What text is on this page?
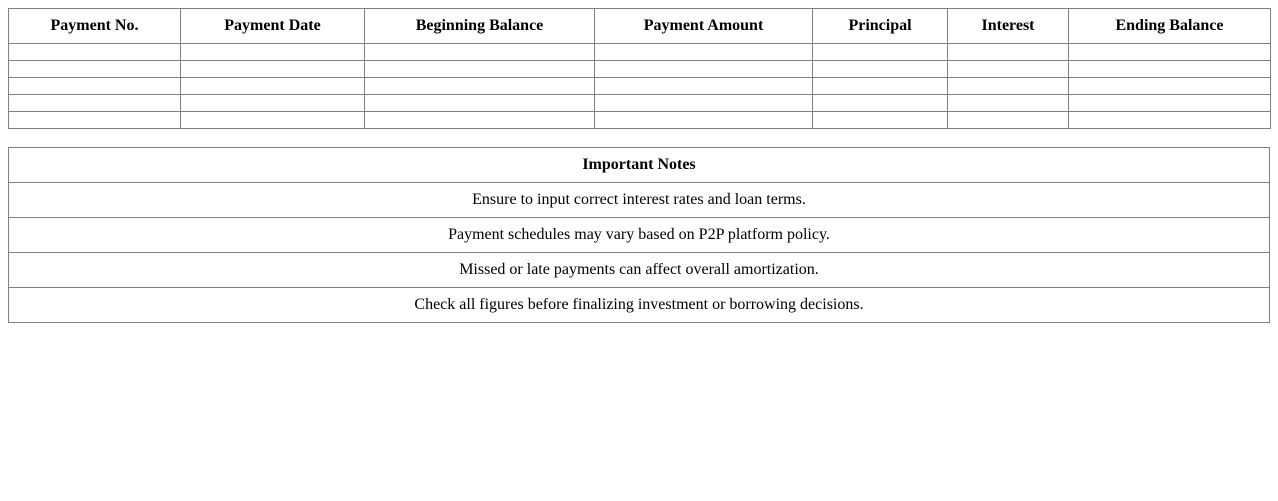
Payment No.	Payment Date	Beginning Balance	Payment Amount	Principal	Interest	Ending Balance

Important Notes
Ensure to input correct interest rates and loan terms.
Payment schedules may vary based on P2P platform policy.
Missed or late payments can affect overall amortization.
Check all figures before finalizing investment or borrowing decisions.
